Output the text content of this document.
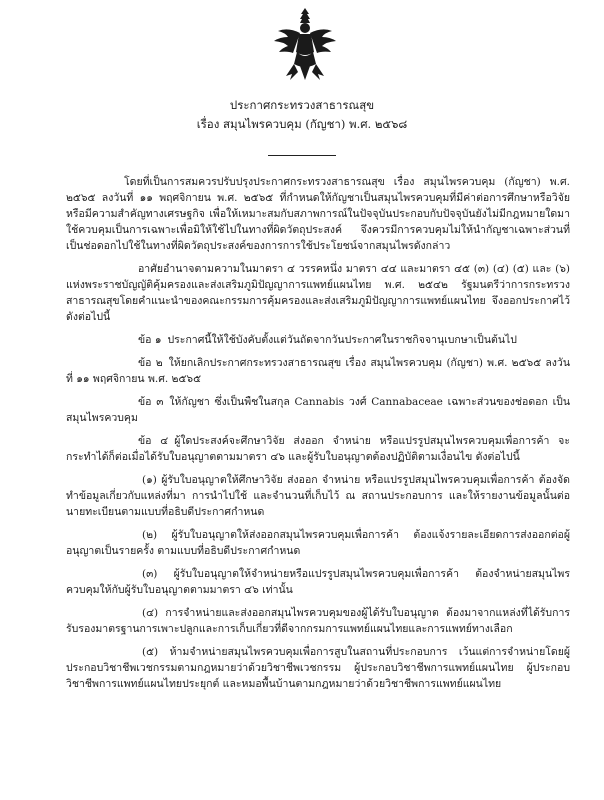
ประกาศกระทรวงสาธารณสุข
เรื่อง สมุนไพรควบคุม (กัญชา) พ.ศ. ๒๕๖๘

โดยที่เป็นการสมควรปรับปรุงประกาศกระทรวงสาธารณสุข เรื่อง สมุนไพรควบคุม (กัญชา) พ.ศ. ๒๕๖๕ ลงวันที่ ๑๑ พฤศจิกายน พ.ศ. ๒๕๖๕ ที่กำหนดให้กัญชาเป็นสมุนไพรควบคุมที่มีค่าต่อการศึกษาหรือวิจัย หรือมีความสำคัญทางเศรษฐกิจ เพื่อให้เหมาะสมกับสภาพการณ์ในปัจจุบันประกอบกับปัจจุบันยังไม่มีกฎหมายใดมาใช้ควบคุมเป็นการเฉพาะเพื่อมิให้ใช้ไปในทางที่ผิดวัตถุประสงค์ จึงควรมีการควบคุมไม่ให้นำกัญชาเฉพาะส่วนที่เป็นช่อดอกไปใช้ในทางที่ผิดวัตถุประสงค์ของการการใช้ประโยชน์จากสมุนไพรดังกล่าว

อาศัยอำนาจตามความในมาตรา ๔ วรรคหนึ่ง มาตรา ๔๔ และมาตรา ๔๕ (๓) (๔) (๕) และ (๖) แห่งพระราชบัญญัติคุ้มครองและส่งเสริมภูมิปัญญาการแพทย์แผนไทย พ.ศ. ๒๕๔๒ รัฐมนตรีว่าการกระทรวงสาธารณสุขโดยคำแนะนำของคณะกรรมการคุ้มครองและส่งเสริมภูมิปัญญาการแพทย์แผนไทย จึงออกประกาศไว้ดังต่อไปนี้

ข้อ ๑ ประกาศนี้ให้ใช้บังคับตั้งแต่วันถัดจากวันประกาศในราชกิจจานุเบกษาเป็นต้นไป

ข้อ ๒ ให้ยกเลิกประกาศกระทรวงสาธารณสุข เรื่อง สมุนไพรควบคุม (กัญชา) พ.ศ. ๒๕๖๕ ลงวันที่ ๑๑ พฤศจิกายน พ.ศ. ๒๕๖๕

ข้อ ๓ ให้กัญชา ซึ่งเป็นพืชในสกุล Cannabis วงศ์ Cannabaceae เฉพาะส่วนของช่อดอก เป็นสมุนไพรควบคุม

ข้อ ๔ ผู้ใดประสงค์จะศึกษาวิจัย ส่งออก จำหน่าย หรือแปรรูปสมุนไพรควบคุมเพื่อการค้า จะกระทำได้ก็ต่อเมื่อได้รับใบอนุญาตตามมาตรา ๔๖ และผู้รับใบอนุญาตต้องปฏิบัติตามเงื่อนไข ดังต่อไปนี้

(๑) ผู้รับใบอนุญาตให้ศึกษาวิจัย ส่งออก จำหน่าย หรือแปรรูปสมุนไพรควบคุมเพื่อการค้า ต้องจัดทำข้อมูลเกี่ยวกับแหล่งที่มา การนำไปใช้ และจำนวนที่เก็บไว้ ณ สถานประกอบการ และให้รายงานข้อมูลนั้นต่อนายทะเบียนตามแบบที่อธิบดีประกาศกำหนด

(๒) ผู้รับใบอนุญาตให้ส่งออกสมุนไพรควบคุมเพื่อการค้า ต้องแจ้งรายละเอียดการส่งออกต่อผู้อนุญาตเป็นรายครั้ง ตามแบบที่อธิบดีประกาศกำหนด

(๓) ผู้รับใบอนุญาตให้จำหน่ายหรือแปรรูปสมุนไพรควบคุมเพื่อการค้า ต้องจำหน่ายสมุนไพรควบคุมให้กับผู้รับใบอนุญาตตามมาตรา ๔๖ เท่านั้น

(๔) การจำหน่ายและส่งออกสมุนไพรควบคุมของผู้ได้รับใบอนุญาต ต้องมาจากแหล่งที่ได้รับการรับรองมาตรฐานการเพาะปลูกและการเก็บเกี่ยวที่ดีจากกรมการแพทย์แผนไทยและการแพทย์ทางเลือก

(๕) ห้ามจำหน่ายสมุนไพรควบคุมเพื่อการสูบในสถานที่ประกอบการ เว้นแต่การจำหน่ายโดยผู้ประกอบวิชาชีพเวชกรรมตามกฎหมายว่าด้วยวิชาชีพเวชกรรม ผู้ประกอบวิชาชีพการแพทย์แผนไทย ผู้ประกอบวิชาชีพการแพทย์แผนไทยประยุกต์ และหมอพื้นบ้านตามกฎหมายว่าด้วยวิชาชีพการแพทย์แผนไทย
